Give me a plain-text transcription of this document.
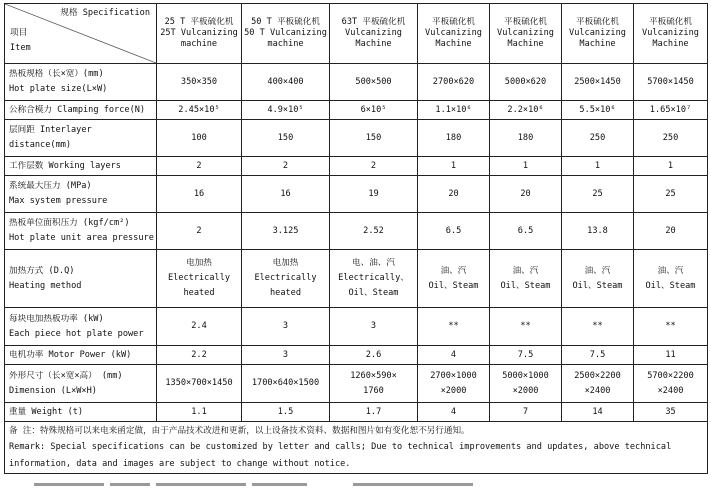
规格 Specification
项目
Item	25 T 平板硫化机
25T Vulcanizing
machine	50 T 平板硫化机
50 T Vulcanizing
machine	63T 平板硫化机
Vulcanizing
Machine	平板硫化机
Vulcanizing
Machine	平板硫化机
Vulcanizing
Machine	平板硫化机
Vulcanizing
Machine	平板硫化机
Vulcanizing
Machine

热板规格（长×宽）(mm)
Hot plate size(L×W)	350×350	400×400	500×500	2700×620	5000×620	2500×1450	5700×1450

公称合模力 Clamping force(N)	2.45×10⁵	4.9×10⁵	6×10⁵	1.1×10⁶	2.2×10⁶	5.5×10⁶	1.65×10⁷

层间距 Interlayer
distance(mm)	100	150	150	180	180	250	250

工作层数 Working layers	2	2	2	1	1	1	1

系统最大压力 (MPa)
Max system pressure	16	16	19	20	20	25	25

热板单位面积压力 (kgf/cm²)
Hot plate unit area pressure	2	3.125	2.52	6.5	6.5	13.8	20

加热方式 (D.Q)
Heating method	电加热
Electrically
heated	电加热
Electrically
heated	电、油、汽
Electrically、
Oil、Steam	油、汽
Oil、Steam	油、汽
Oil、Steam	油、汽
Oil、Steam	油、汽
Oil、Steam

每块电加热板功率 (kW)
Each piece hot plate power	2.4	3	3	**	**	**	**

电机功率 Motor Power (kW)	2.2	3	2.6	4	7.5	7.5	11

外形尺寸（长×宽×高） (mm)
Dimension (L×W×H)	1350×700×1450	1700×640×1500	1260×590×
1760	2700×1000
×2000	5000×1000
×2000	2500×2200
×2400	5700×2200
×2400

重量 Weight (t)	1.1	1.5	1.7	4	7	14	35

备 注：特殊规格可以来电来函定做，由于产品技术改进和更新，以上设备技术资料、数据和图片如有变化恕不另行通知。
Remark: Special specifications can be customized by letter and calls; Due to technical improvements and updates, above technical information, data and images are subject to change without notice.							
